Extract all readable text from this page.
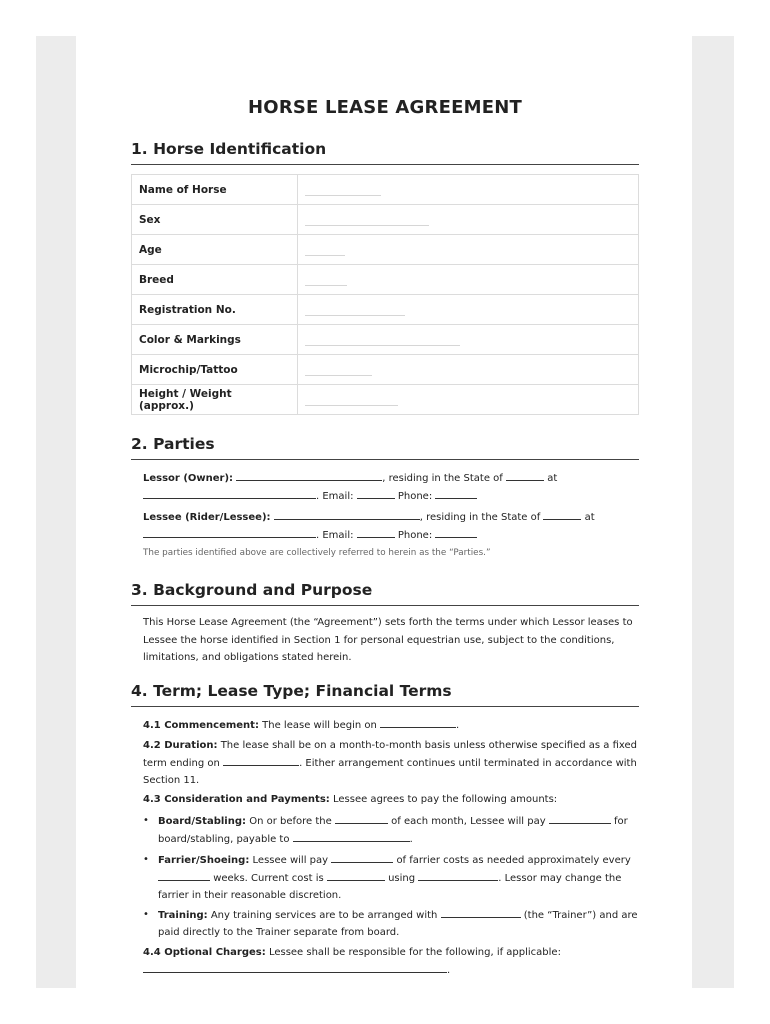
HORSE LEASE AGREEMENT
1. Horse Identification
Name of Horse	
Sex	
Age	
Breed	
Registration No.	
Color & Markings	
Microchip/Tattoo	
Height / Weight (approx.)	
2. Parties
Lessor (Owner):	, residing in the State of	at
. Email:	Phone:
Lessee (Rider/Lessee):	, residing in the State of	at
. Email:	Phone:
The parties identified above are collectively referred to herein as the “Parties.”
3. Background and Purpose
This Horse Lease Agreement (the “Agreement”) sets forth the terms under which Lessor leases to Lessee the horse identified in Section 1 for personal equestrian use, subject to the conditions, limitations, and obligations stated herein.
4. Term; Lease Type; Financial Terms
4.1 Commencement: The lease will begin on	.
4.2 Duration: The lease shall be on a month-to-month basis unless otherwise specified as a fixed term ending on	. Either arrangement continues until terminated in accordance with Section 11.
4.3 Consideration and Payments: Lessee agrees to pay the following amounts:
• Board/Stabling: On or before the	of each month, Lessee will pay	for board/stabling, payable to	.
• Farrier/Shoeing: Lessee will pay	of farrier costs as needed approximately every  weeks. Current cost is	using	. Lessor may change the farrier in their reasonable discretion.
• Training: Any training services are to be arranged with	(the “Trainer”) and are paid directly to the Trainer separate from board.
4.4 Optional Charges: Lessee shall be responsible for the following, if applicable:
.
